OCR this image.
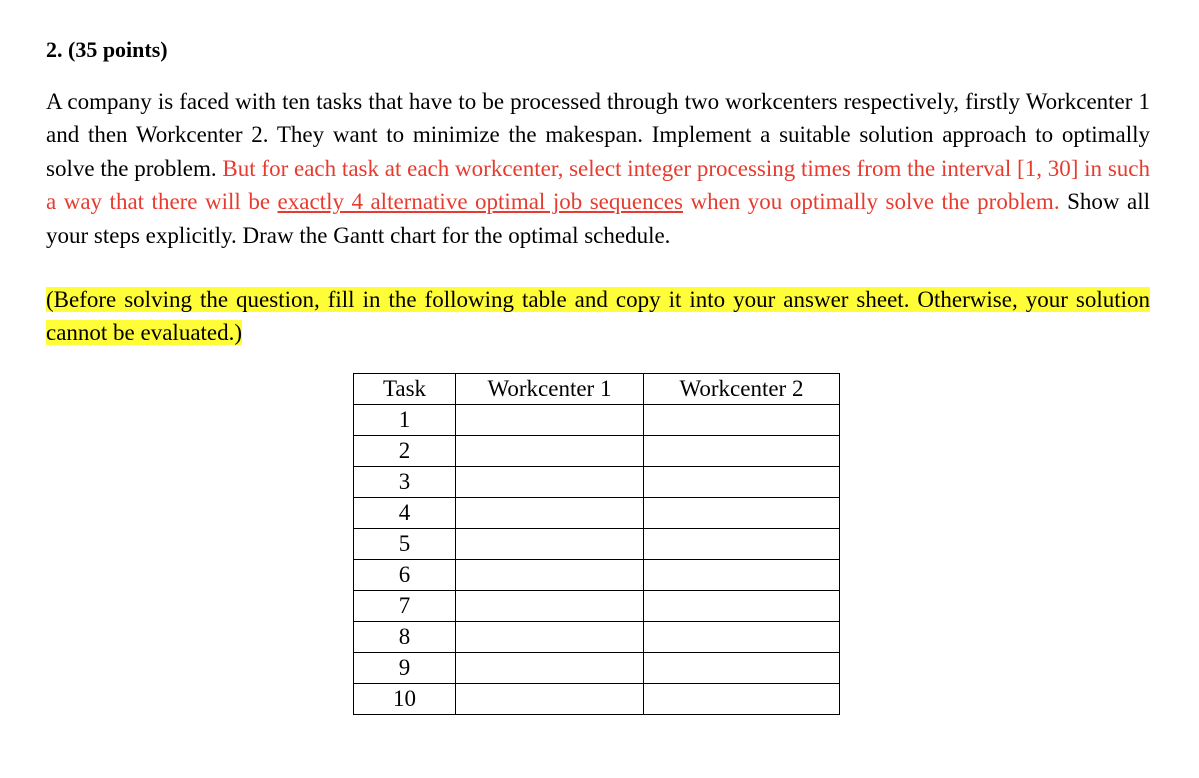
2. (35 points)
A company is faced with ten tasks that have to be processed through two workcenters respectively, firstly Workcenter 1 and then Workcenter 2. They want to minimize the makespan. Implement a suitable solution approach to optimally solve the problem. But for each task at each workcenter, select integer processing times from the interval [1, 30] in such a way that there will be exactly 4 alternative optimal job sequences when you optimally solve the problem. Show all your steps explicitly. Draw the Gantt chart for the optimal schedule.
(Before solving the question, fill in the following table and copy it into your answer sheet. Otherwise, your solution cannot be evaluated.)
Task	Workcenter 1	Workcenter 2
1		
2		
3		
4		
5		
6		
7		
8		
9		
10		
